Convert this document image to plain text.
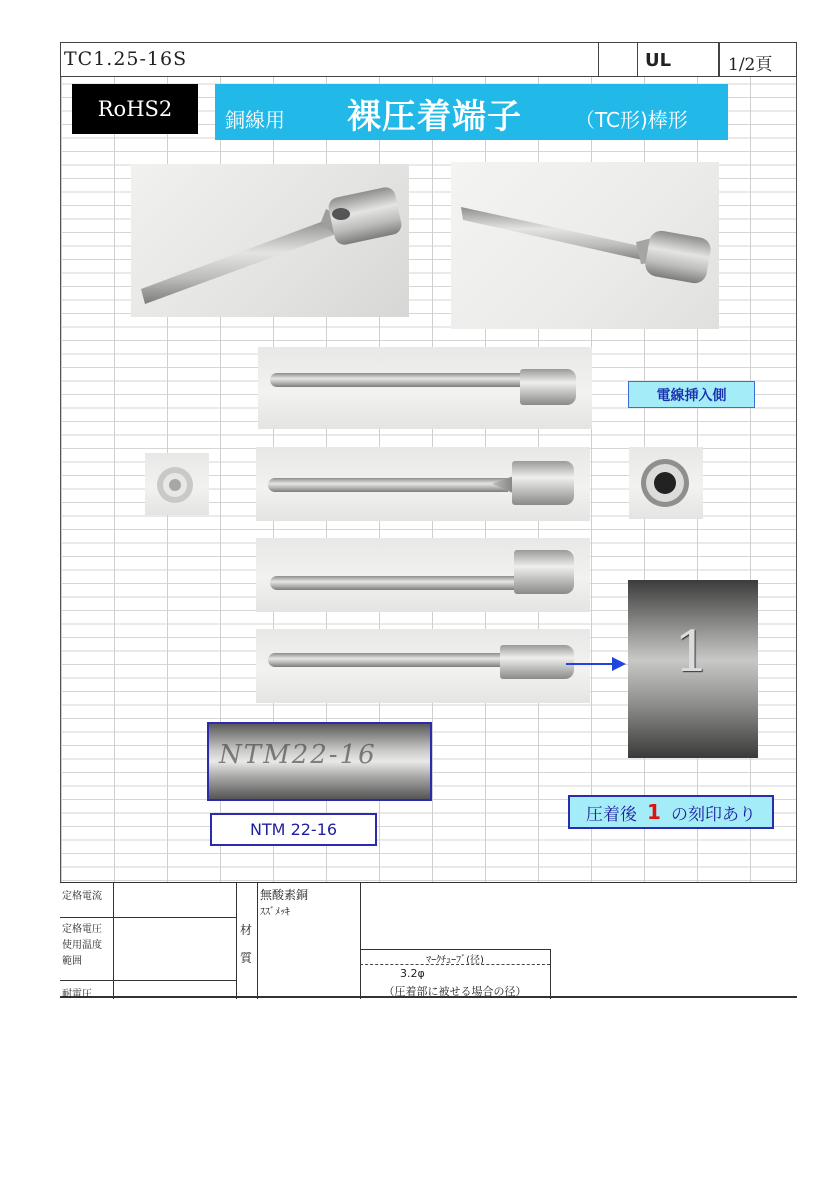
TC1.25-16S	UL	1/2頁
RoHS2	銅線用 裸圧着端子	（TC形)棒形
電線挿入側
1
NTM22-16
NTM 22-16
圧着後 1 の刻印あり
定格電流
定格電圧
使用温度
範囲
耐電圧
材
質
無酸素銅
ｽｽﾞﾒｯｷ
ﾏｰｸﾁｭｰﾌﾞ(径)
3.2φ
（圧着部に被せる場合の径）
